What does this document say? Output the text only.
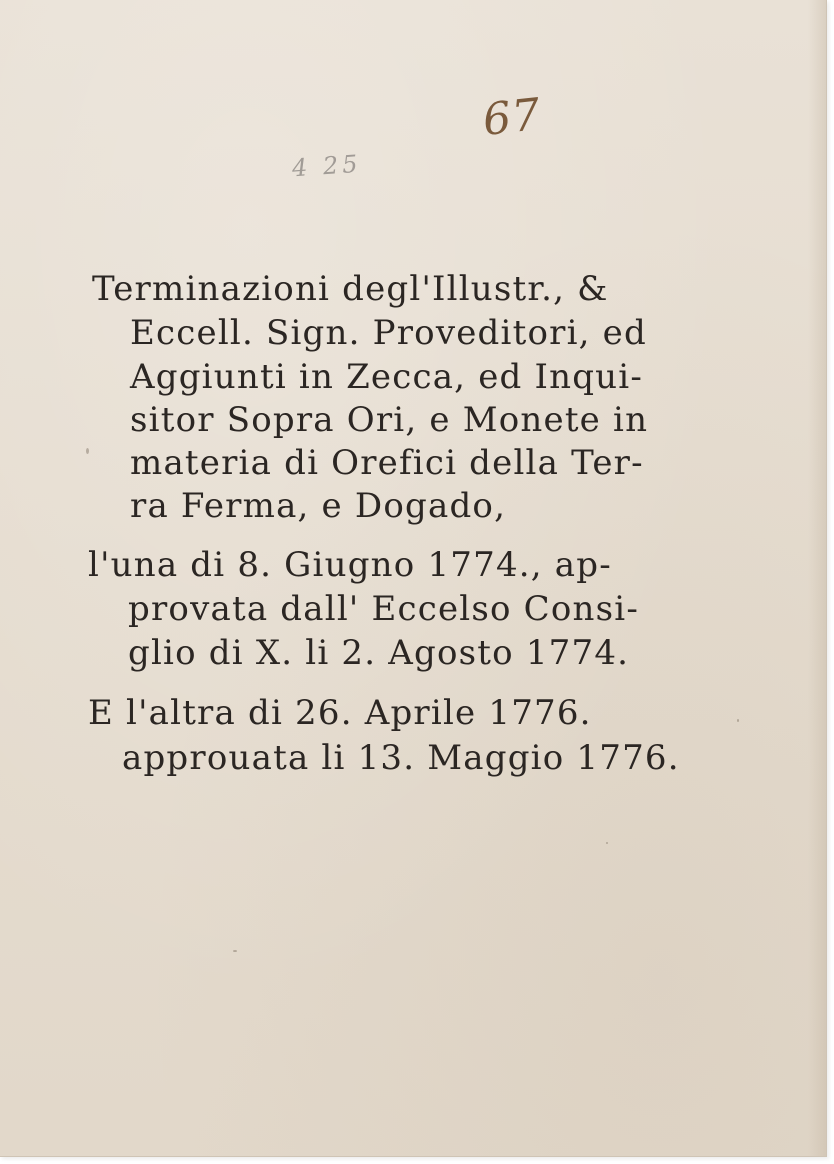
67
4 25
Terminazioni degl'Illustr., &
Eccell. Sign. Proveditori, ed
Aggiunti in Zecca, ed Inqui-
sitor Sopra Ori, e Monete in
materia di Orefici della Ter-
ra Ferma, e Dogado,
l'una di 8. Giugno 1774., ap-
provata dall' Eccelso Consi-
glio di X. li 2. Agosto 1774.
E l'altra di 26. Aprile 1776.
approuata li 13. Maggio 1776.
